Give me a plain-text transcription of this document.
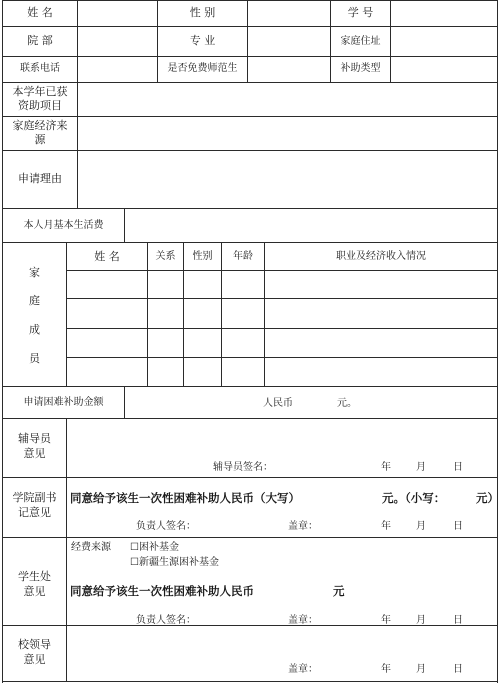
姓 名	性 别	学 号
院 部	专 业	家庭住址
联系电话	是否免费师范生	补助类型
本学年已获
资助项目
家庭经济来
源
申请理由
本人月基本生活费
家
庭
成
员
姓 名	关系	性别	年龄	职业及经济收入情况
申请困难补助金额	人民币	元。
辅导员
意见
辅导员签名：	年	月	日
学院副书
记意见
同意给予该生一次性困难补助人民币（大写）	元。（小写：	元）
负责人签名：	盖章：	年	月	日
学生处
意见
经费来源 ☐困补基金
☐新疆生源困补基金
同意给予该生一次性困难补助人民币	元
负责人签名：	盖章：	年	月	日
校领导
意见
盖章：	年	月	日
